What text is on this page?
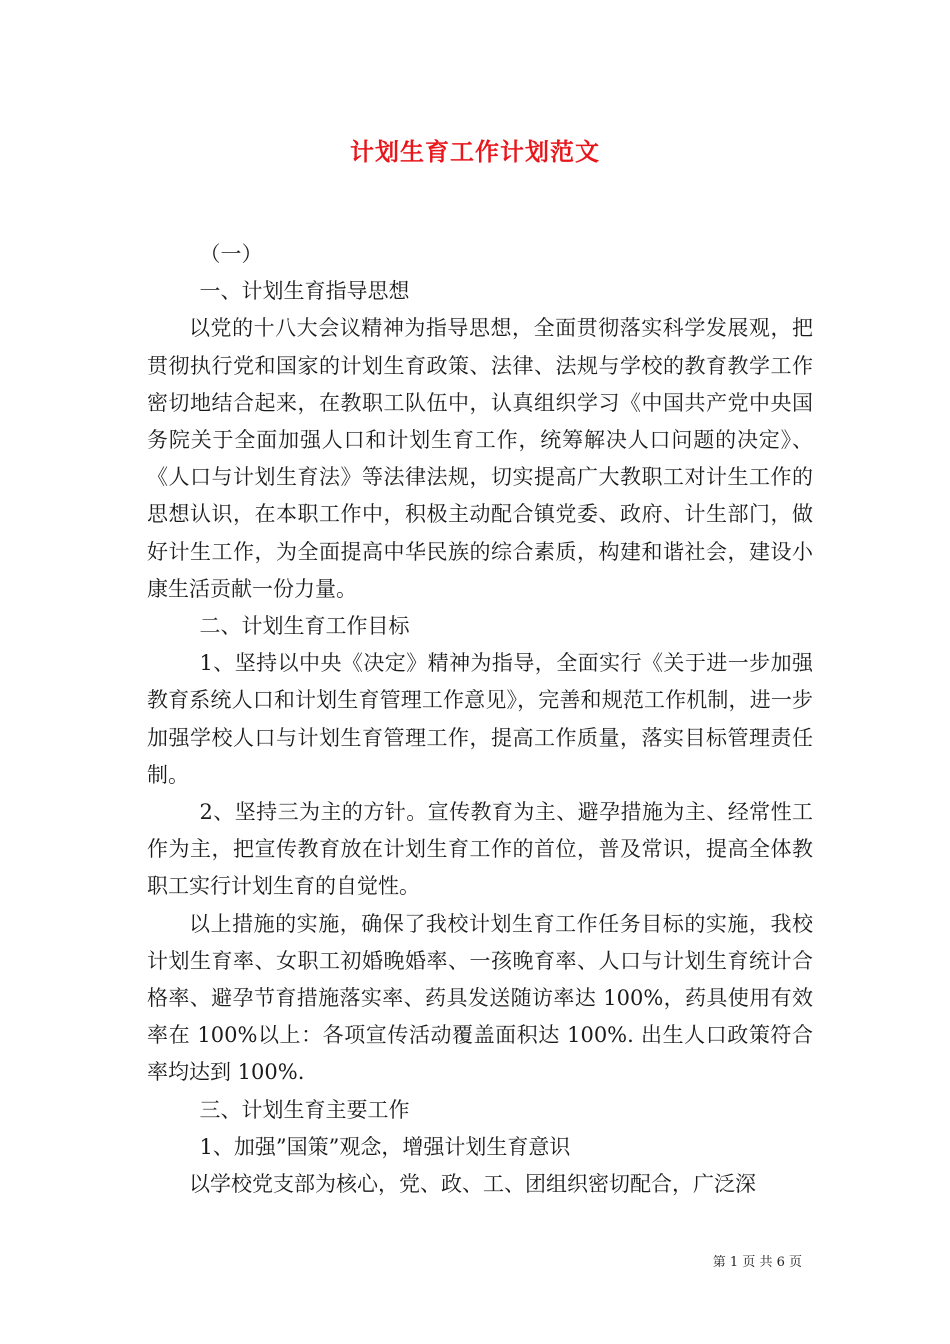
计划生育工作计划范文

（一）

一、计划生育指导思想

以党的十八大会议精神为指导思想，全面贯彻落实科学发展观，把贯彻执行党和国家的计划生育政策、法律、法规与学校的教育教学工作密切地结合起来，在教职工队伍中，认真组织学习《中国共产党中央国务院关于全面加强人口和计划生育工作，统筹解决人口问题的决定》、《人口与计划生育法》等法律法规，切实提高广大教职工对计生工作的思想认识，在本职工作中，积极主动配合镇党委、政府、计生部门，做好计生工作，为全面提高中华民族的综合素质，构建和谐社会，建设小康生活贡献一份力量。

二、计划生育工作目标

1、坚持以中央《决定》精神为指导，全面实行《关于进一步加强教育系统人口和计划生育管理工作意见》，完善和规范工作机制，进一步加强学校人口与计划生育管理工作，提高工作质量，落实目标管理责任制。

2、坚持三为主的方针。宣传教育为主、避孕措施为主、经常性工作为主，把宣传教育放在计划生育工作的首位，普及常识，提高全体教职工实行计划生育的自觉性。

以上措施的实施，确保了我校计划生育工作任务目标的实施，我校计划生育率、女职工初婚晚婚率、一孩晚育率、人口与计划生育统计合格率、避孕节育措施落实率、药具发送随访率达 100%，药具使用有效率在 100%以上：各项宣传活动覆盖面积达 100%. 出生人口政策符合率均达到 100%.

三、计划生育主要工作

1、加强”国策”观念，增强计划生育意识

以学校党支部为核心，党、政、工、团组织密切配合，广泛深

第 1 页 共 6 页
